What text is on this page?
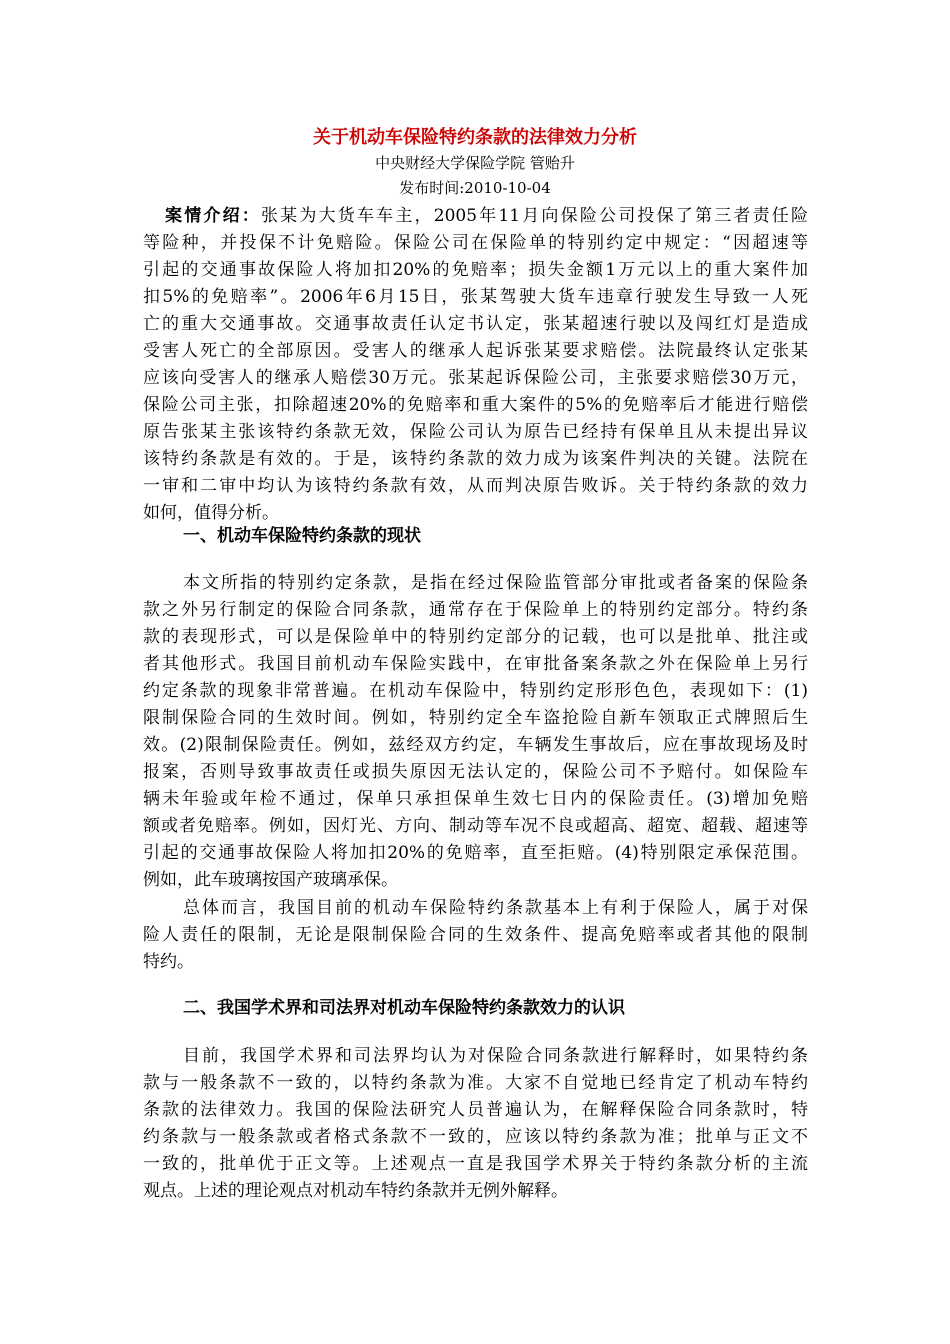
关于机动车保险特约条款的法律效力分析
中央财经大学保险学院 管贻升
发布时间:2010-10-04
案情介绍：张某为大货车车主，2005年11月向保险公司投保了第三者责任险
等险种，并投保不计免赔险。保险公司在保险单的特别约定中规定：“因超速等
引起的交通事故保险人将加扣20%的免赔率；损失金额1万元以上的重大案件加
扣5%的免赔率”。2006年6月15日，张某驾驶大货车违章行驶发生导致一人死
亡的重大交通事故。交通事故责任认定书认定，张某超速行驶以及闯红灯是造成
受害人死亡的全部原因。受害人的继承人起诉张某要求赔偿。法院最终认定张某
应该向受害人的继承人赔偿30万元。张某起诉保险公司，主张要求赔偿30万元，
保险公司主张，扣除超速20%的免赔率和重大案件的5%的免赔率后才能进行赔偿
原告张某主张该特约条款无效，保险公司认为原告已经持有保单且从未提出异议
该特约条款是有效的。于是，该特约条款的效力成为该案件判决的关键。法院在
一审和二审中均认为该特约条款有效，从而判决原告败诉。关于特约条款的效力
如何，值得分析。
一、机动车保险特约条款的现状
本文所指的特别约定条款，是指在经过保险监管部分审批或者备案的保险条
款之外另行制定的保险合同条款，通常存在于保险单上的特别约定部分。特约条
款的表现形式，可以是保险单中的特别约定部分的记载，也可以是批单、批注或
者其他形式。我国目前机动车保险实践中，在审批备案条款之外在保险单上另行
约定条款的现象非常普遍。在机动车保险中，特别约定形形色色，表现如下：(1)
限制保险合同的生效时间。例如，特别约定全车盗抢险自新车领取正式牌照后生
效。(2)限制保险责任。例如，兹经双方约定，车辆发生事故后，应在事故现场及时
报案，否则导致事故责任或损失原因无法认定的，保险公司不予赔付。如保险车
辆未年验或年检不通过，保单只承担保单生效七日内的保险责任。(3)增加免赔
额或者免赔率。例如，因灯光、方向、制动等车况不良或超高、超宽、超载、超速等
引起的交通事故保险人将加扣20%的免赔率，直至拒赔。(4)特别限定承保范围。
例如，此车玻璃按国产玻璃承保。
总体而言，我国目前的机动车保险特约条款基本上有利于保险人，属于对保
险人责任的限制，无论是限制保险合同的生效条件、提高免赔率或者其他的限制
特约。
二、我国学术界和司法界对机动车保险特约条款效力的认识
目前，我国学术界和司法界均认为对保险合同条款进行解释时，如果特约条
款与一般条款不一致的，以特约条款为准。大家不自觉地已经肯定了机动车特约
条款的法律效力。我国的保险法研究人员普遍认为，在解释保险合同条款时，特
约条款与一般条款或者格式条款不一致的，应该以特约条款为准；批单与正文不
一致的，批单优于正文等。上述观点一直是我国学术界关于特约条款分析的主流
观点。上述的理论观点对机动车特约条款并无例外解释。
